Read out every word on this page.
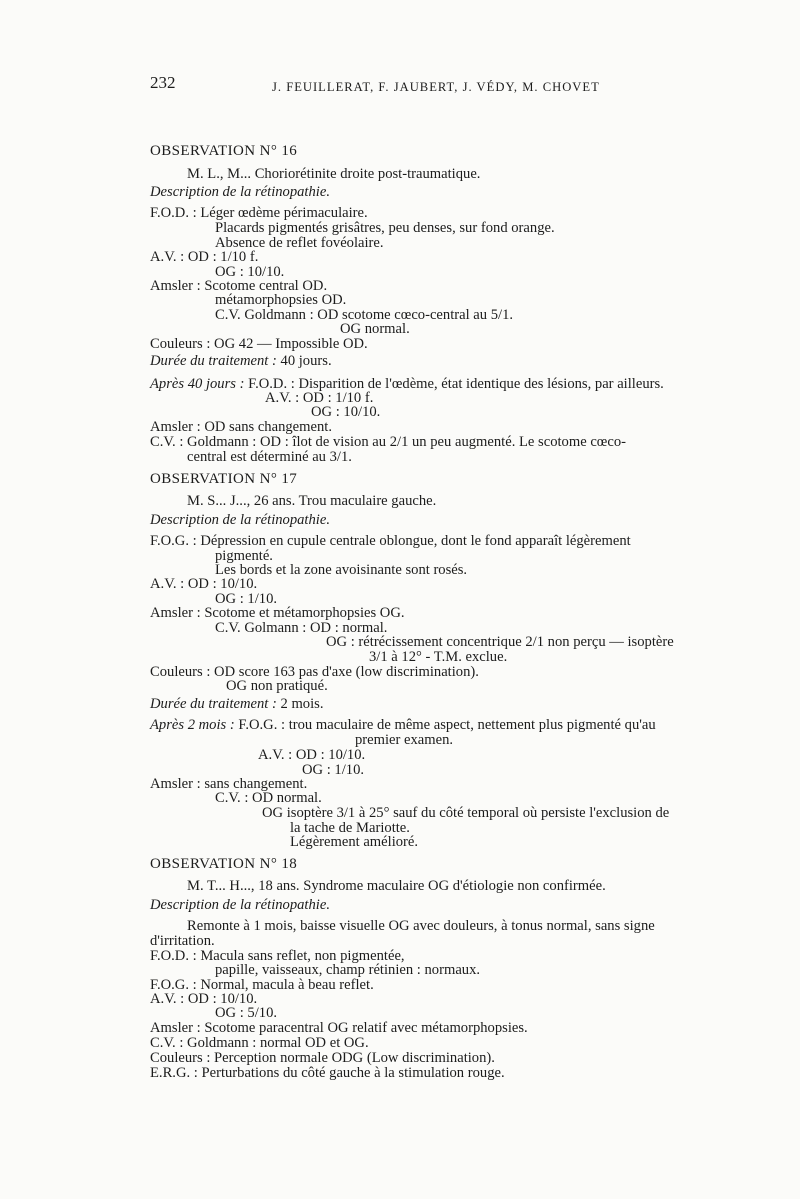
232	J. FEUILLERAT, F. JAUBERT, J. VÉDY, M. CHOVET
OBSERVATION N° 16
M. L., M... Choriorétinite droite post-traumatique.
Description de la rétinopathie.
F.O.D. : Léger œdème périmaculaire.
Placards pigmentés grisâtres, peu denses, sur fond orange.
Absence de reflet fovéolaire.
A.V. : OD : 1/10 f.
OG : 10/10.
Amsler : Scotome central OD.
métamorphopsies OD.
C.V. Goldmann : OD scotome cœco-central au 5/1.
OG normal.
Couleurs : OG 42 — Impossible OD.
Durée du traitement : 40 jours.
Après 40 jours : F.O.D. : Disparition de l'œdème, état identique des lésions, par ailleurs.
A.V. : OD : 1/10 f.
OG : 10/10.
Amsler : OD sans changement.
C.V. : Goldmann : OD : îlot de vision au 2/1 un peu augmenté. Le scotome cœco-
central est déterminé au 3/1.
OBSERVATION N° 17
M. S... J..., 26 ans. Trou maculaire gauche.
Description de la rétinopathie.
F.O.G. : Dépression en cupule centrale oblongue, dont le fond apparaît légèrement
pigmenté.
Les bords et la zone avoisinante sont rosés.
A.V. : OD : 10/10.
OG : 1/10.
Amsler : Scotome et métamorphopsies OG.
C.V. Golmann : OD : normal.
OG : rétrécissement concentrique 2/1 non perçu — isoptère
3/1 à 12° - T.M. exclue.
Couleurs : OD score 163 pas d'axe (low discrimination).
OG non pratiqué.
Durée du traitement : 2 mois.
Après 2 mois : F.O.G. : trou maculaire de même aspect, nettement plus pigmenté qu'au
premier examen.
A.V. : OD : 10/10.
OG : 1/10.
Amsler : sans changement.
C.V. : OD normal.
OG isoptère 3/1 à 25° sauf du côté temporal où persiste l'exclusion de
la tache de Mariotte.
Légèrement amélioré.
OBSERVATION N° 18
M. T... H..., 18 ans. Syndrome maculaire OG d'étiologie non confirmée.
Description de la rétinopathie.
Remonte à 1 mois, baisse visuelle OG avec douleurs, à tonus normal, sans signe
d'irritation.
F.O.D. : Macula sans reflet, non pigmentée,
papille, vaisseaux, champ rétinien : normaux.
F.O.G. : Normal, macula à beau reflet.
A.V. : OD : 10/10.
OG : 5/10.
Amsler : Scotome paracentral OG relatif avec métamorphopsies.
C.V. : Goldmann : normal OD et OG.
Couleurs : Perception normale ODG (Low discrimination).
E.R.G. : Perturbations du côté gauche à la stimulation rouge.
